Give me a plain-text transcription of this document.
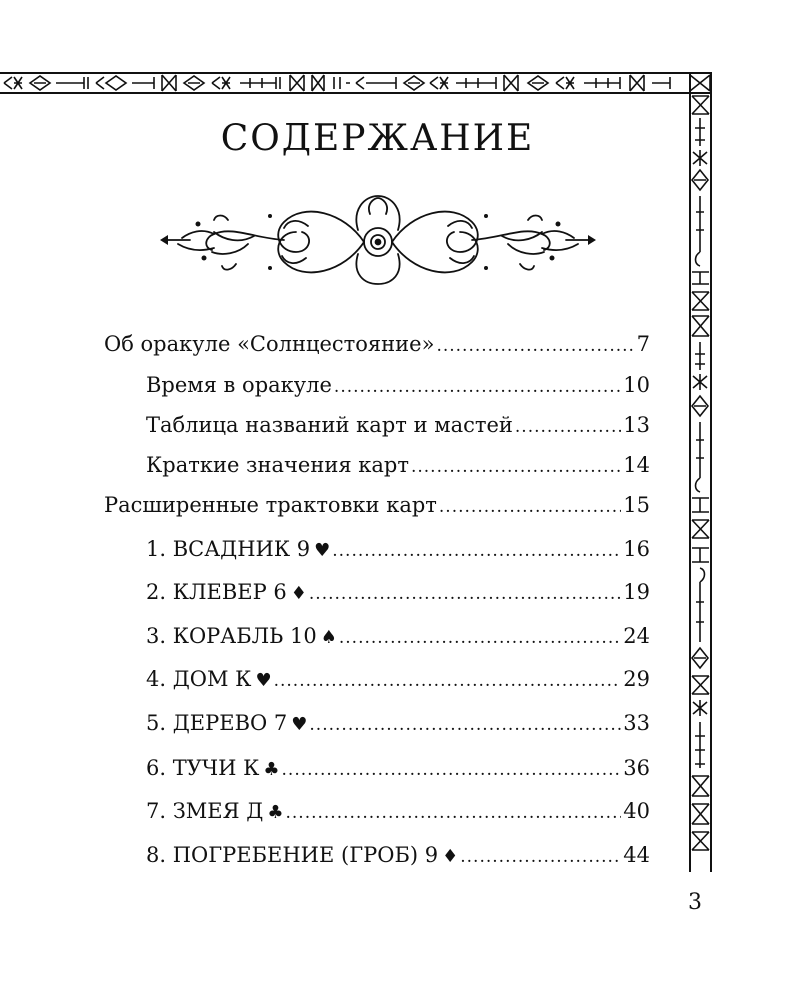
СОДЕРЖАНИЕ
Об оракуле «Солнцестояние» .....	7
Время в оракуле .....	10
Таблица названий карт и мастей .....	13
Краткие значения карт .....	14
Расширенные трактовки карт .....	15
1. ВСАДНИК 9 ♥ .....	16
2. КЛЕВЕР 6 ♦ .....	19
3. КОРАБЛЬ 10 ♠ .....	24
4. ДОМ К ♥ .....	29
5. ДЕРЕВО 7 ♥ .....	33
6. ТУЧИ К ♣ .....	36
7. ЗМЕЯ Д ♣ .....	40
8. ПОГРЕБЕНИЕ (ГРОБ) 9 ♦ .....	44
3
